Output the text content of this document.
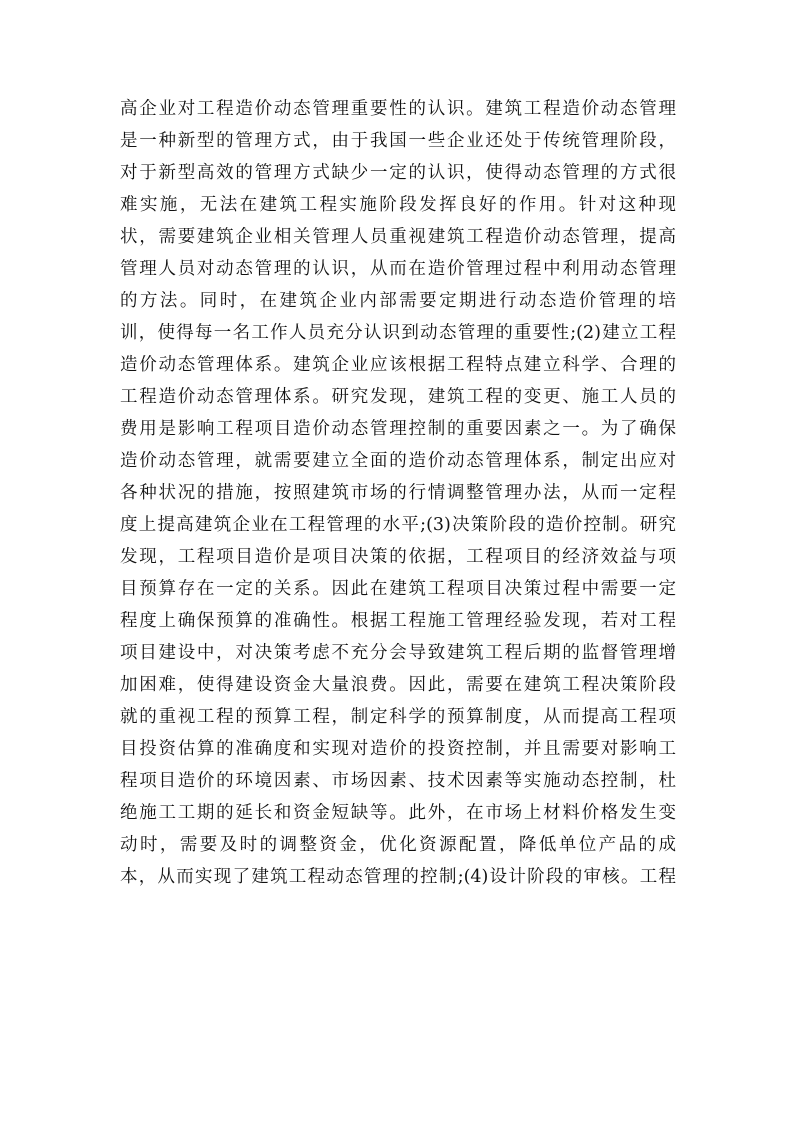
高企业对工程造价动态管理重要性的认识。建筑工程造价动态管理
是一种新型的管理方式，由于我国一些企业还处于传统管理阶段，
对于新型高效的管理方式缺少一定的认识，使得动态管理的方式很
难实施，无法在建筑工程实施阶段发挥良好的作用。针对这种现
状，需要建筑企业相关管理人员重视建筑工程造价动态管理，提高
管理人员对动态管理的认识，从而在造价管理过程中利用动态管理
的方法。同时，在建筑企业内部需要定期进行动态造价管理的培
训，使得每一名工作人员充分认识到动态管理的重要性;(2)建立工程
造价动态管理体系。建筑企业应该根据工程特点建立科学、合理的
工程造价动态管理体系。研究发现，建筑工程的变更、施工人员的
费用是影响工程项目造价动态管理控制的重要因素之一。为了确保
造价动态管理，就需要建立全面的造价动态管理体系，制定出应对
各种状况的措施，按照建筑市场的行情调整管理办法，从而一定程
度上提高建筑企业在工程管理的水平;(3)决策阶段的造价控制。研究
发现，工程项目造价是项目决策的依据，工程项目的经济效益与项
目预算存在一定的关系。因此在建筑工程项目决策过程中需要一定
程度上确保预算的准确性。根据工程施工管理经验发现，若对工程
项目建设中，对决策考虑不充分会导致建筑工程后期的监督管理增
加困难，使得建设资金大量浪费。因此，需要在建筑工程决策阶段
就的重视工程的预算工程，制定科学的预算制度，从而提高工程项
目投资估算的准确度和实现对造价的投资控制，并且需要对影响工
程项目造价的环境因素、市场因素、技术因素等实施动态控制，杜
绝施工工期的延长和资金短缺等。此外，在市场上材料价格发生变
动时，需要及时的调整资金，优化资源配置，降低单位产品的成
本，从而实现了建筑工程动态管理的控制;(4)设计阶段的审核。工程
